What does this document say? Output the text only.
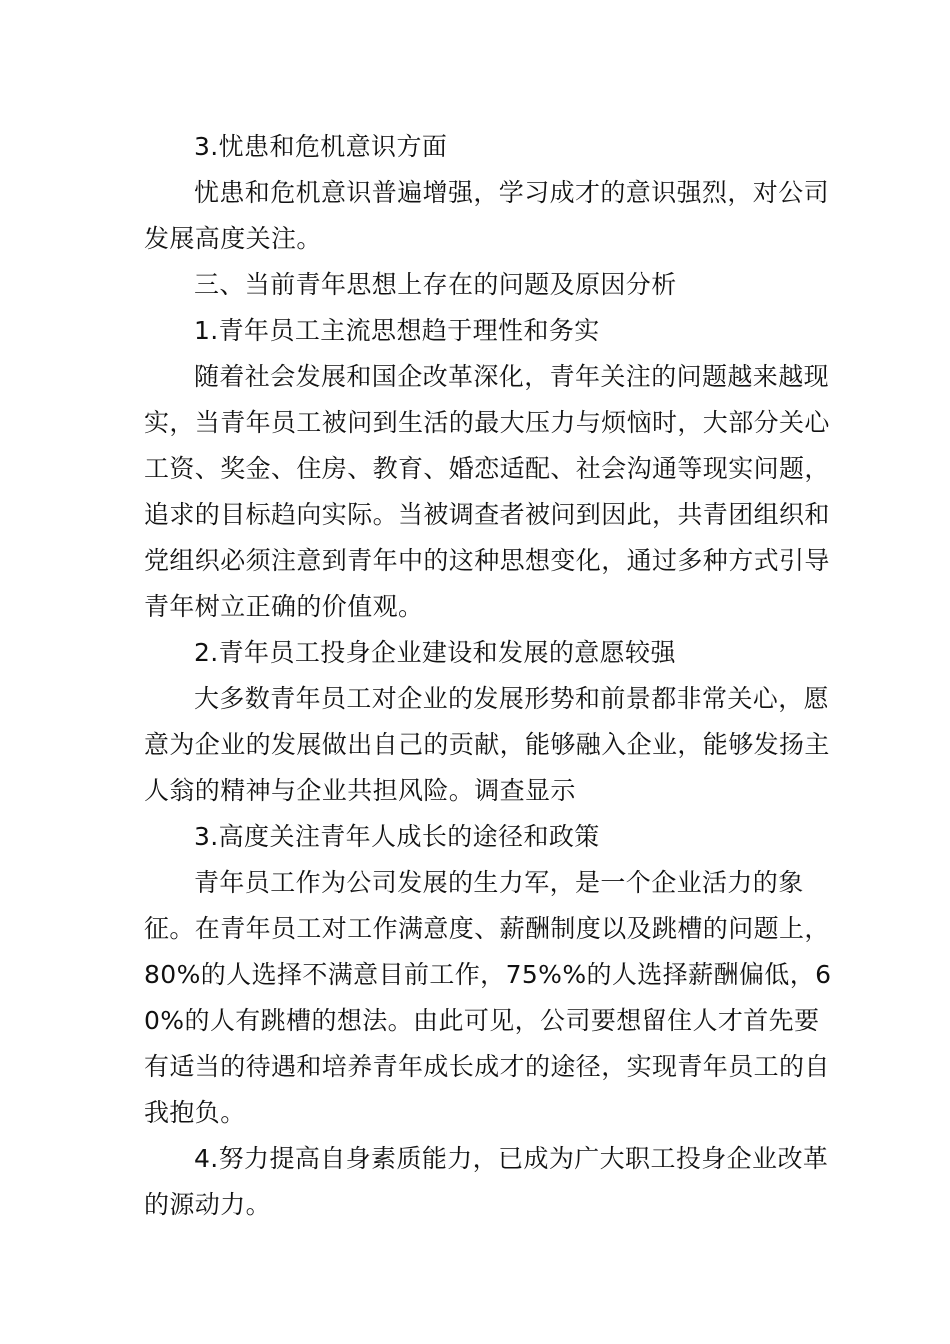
3.忧患和危机意识方面

忧患和危机意识普遍增强，学习成才的意识强烈，对公司发展高度关注。

三、当前青年思想上存在的问题及原因分析

1.青年员工主流思想趋于理性和务实

随着社会发展和国企改革深化，青年关注的问题越来越现实，当青年员工被问到生活的最大压力与烦恼时，大部分关心工资、奖金、住房、教育、婚恋适配、社会沟通等现实问题，追求的目标趋向实际。当被调查者被问到因此，共青团组织和党组织必须注意到青年中的这种思想变化，通过多种方式引导青年树立正确的价值观。

2.青年员工投身企业建设和发展的意愿较强

大多数青年员工对企业的发展形势和前景都非常关心，愿意为企业的发展做出自己的贡献，能够融入企业，能够发扬主人翁的精神与企业共担风险。调查显示

3.高度关注青年人成长的途径和政策

青年员工作为公司发展的生力军，是一个企业活力的象征。在青年员工对工作满意度、薪酬制度以及跳槽的问题上，80%的人选择不满意目前工作，75%%的人选择薪酬偏低，60%的人有跳槽的想法。由此可见，公司要想留住人才首先要有适当的待遇和培养青年成长成才的途径，实现青年员工的自我抱负。

4.努力提高自身素质能力，已成为广大职工投身企业改革的源动力。
